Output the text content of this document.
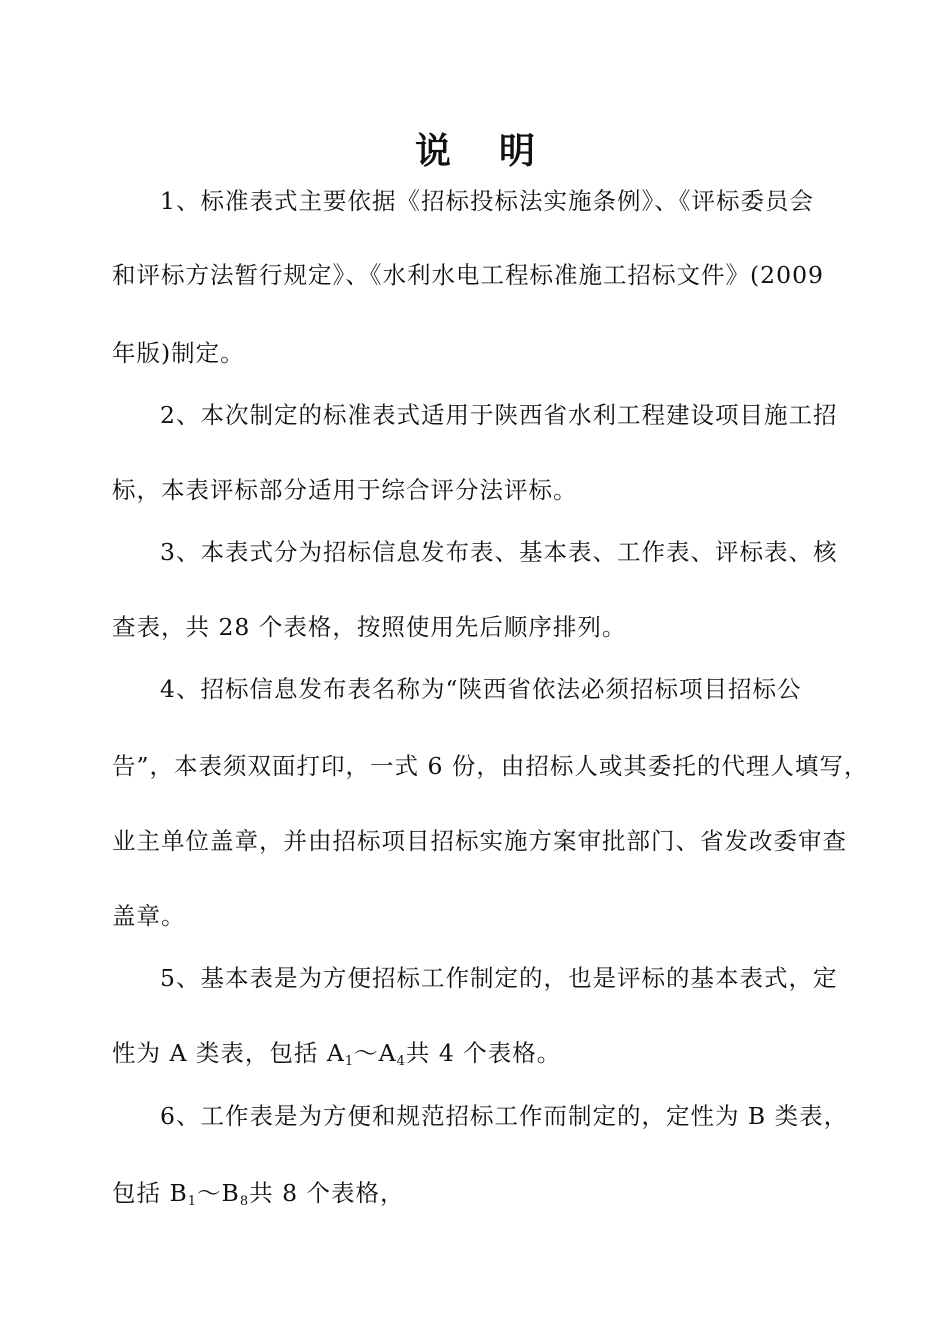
说明
1、标准表式主要依据《招标投标法实施条例》、《评标委员会
和评标方法暂行规定》、《水利水电工程标准施工招标文件》(2009
年版)制定。
2、本次制定的标准表式适用于陕西省水利工程建设项目施工招
标，本表评标部分适用于综合评分法评标。
3、本表式分为招标信息发布表、基本表、工作表、评标表、核
查表，共 28 个表格，按照使用先后顺序排列。
4、招标信息发布表名称为“陕西省依法必须招标项目招标公
告”，本表须双面打印，一式 6 份，由招标人或其委托的代理人填写，
业主单位盖章，并由招标项目招标实施方案审批部门、省发改委审查
盖章。
5、基本表是为方便招标工作制定的，也是评标的基本表式，定
性为 A 类表，包括 $A_1\sim A_4$共 4 个表格。
6、工作表是为方便和规范招标工作而制定的，定性为 B 类表，
包括 $B_1\sim B_8$共 8 个表格，
